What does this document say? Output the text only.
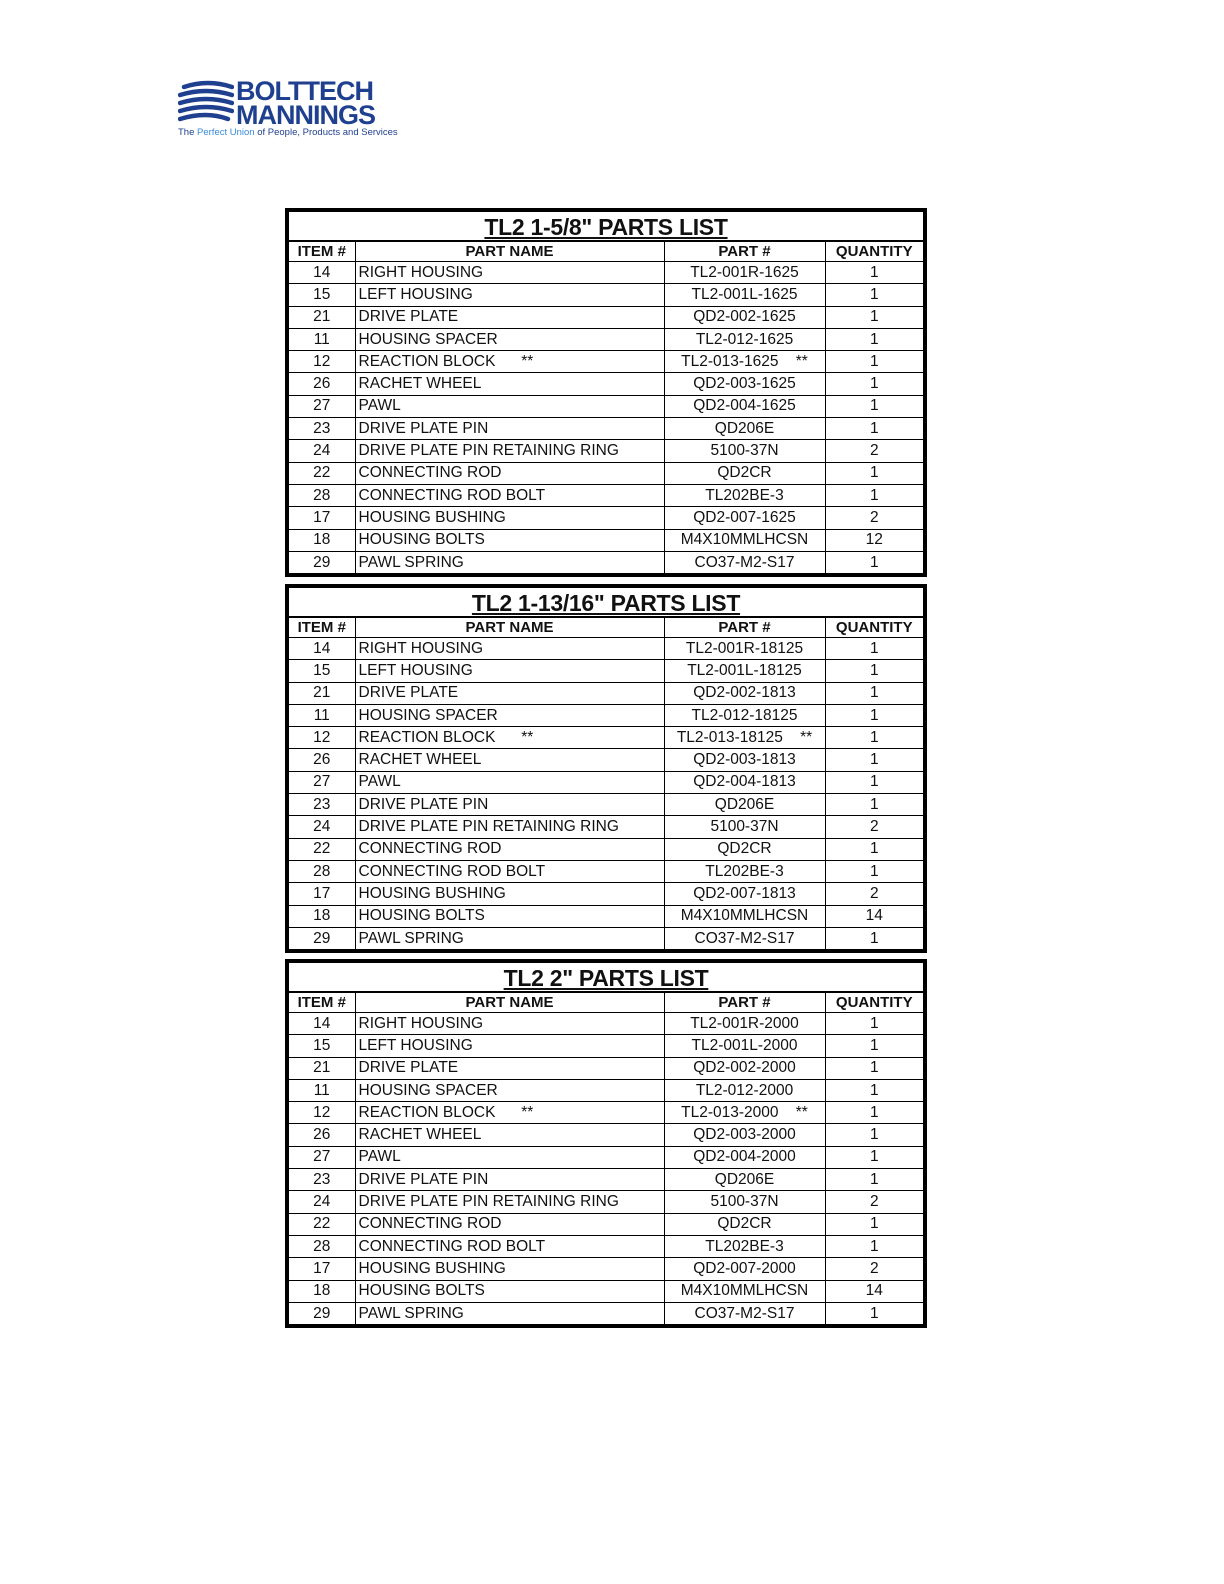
BOLTTECH
MANNINGS
The Perfect Union of People, Products and Services
TL2 1-5/8" PARTS LIST
ITEM #	PART NAME	PART #	QUANTITY
14	RIGHT HOUSING	TL2-001R-1625	1
15	LEFT HOUSING	TL2-001L-1625	1
21	DRIVE PLATE	QD2-002-1625	1
11	HOUSING SPACER	TL2-012-1625	1
12	REACTION BLOCK      **	TL2-013-1625    **	1
26	RACHET WHEEL	QD2-003-1625	1
27	PAWL	QD2-004-1625	1
23	DRIVE PLATE PIN	QD206E	1
24	DRIVE PLATE PIN RETAINING RING	5100-37N	2
22	CONNECTING ROD	QD2CR	1
28	CONNECTING ROD BOLT	TL202BE-3	1
17	HOUSING BUSHING	QD2-007-1625	2
18	HOUSING BOLTS	M4X10MMLHCSN	12
29	PAWL SPRING	CO37-M2-S17	1
TL2 1-13/16" PARTS LIST
ITEM #	PART NAME	PART #	QUANTITY
14	RIGHT HOUSING	TL2-001R-18125	1
15	LEFT HOUSING	TL2-001L-18125	1
21	DRIVE PLATE	QD2-002-1813	1
11	HOUSING SPACER	TL2-012-18125	1
12	REACTION BLOCK      **	TL2-013-18125    **	1
26	RACHET WHEEL	QD2-003-1813	1
27	PAWL	QD2-004-1813	1
23	DRIVE PLATE PIN	QD206E	1
24	DRIVE PLATE PIN RETAINING RING	5100-37N	2
22	CONNECTING ROD	QD2CR	1
28	CONNECTING ROD BOLT	TL202BE-3	1
17	HOUSING BUSHING	QD2-007-1813	2
18	HOUSING BOLTS	M4X10MMLHCSN	14
29	PAWL SPRING	CO37-M2-S17	1
TL2 2" PARTS LIST
ITEM #	PART NAME	PART #	QUANTITY
14	RIGHT HOUSING	TL2-001R-2000	1
15	LEFT HOUSING	TL2-001L-2000	1
21	DRIVE PLATE	QD2-002-2000	1
11	HOUSING SPACER	TL2-012-2000	1
12	REACTION BLOCK      **	TL2-013-2000    **	1
26	RACHET WHEEL	QD2-003-2000	1
27	PAWL	QD2-004-2000	1
23	DRIVE PLATE PIN	QD206E	1
24	DRIVE PLATE PIN RETAINING RING	5100-37N	2
22	CONNECTING ROD	QD2CR	1
28	CONNECTING ROD BOLT	TL202BE-3	1
17	HOUSING BUSHING	QD2-007-2000	2
18	HOUSING BOLTS	M4X10MMLHCSN	14
29	PAWL SPRING	CO37-M2-S17	1
